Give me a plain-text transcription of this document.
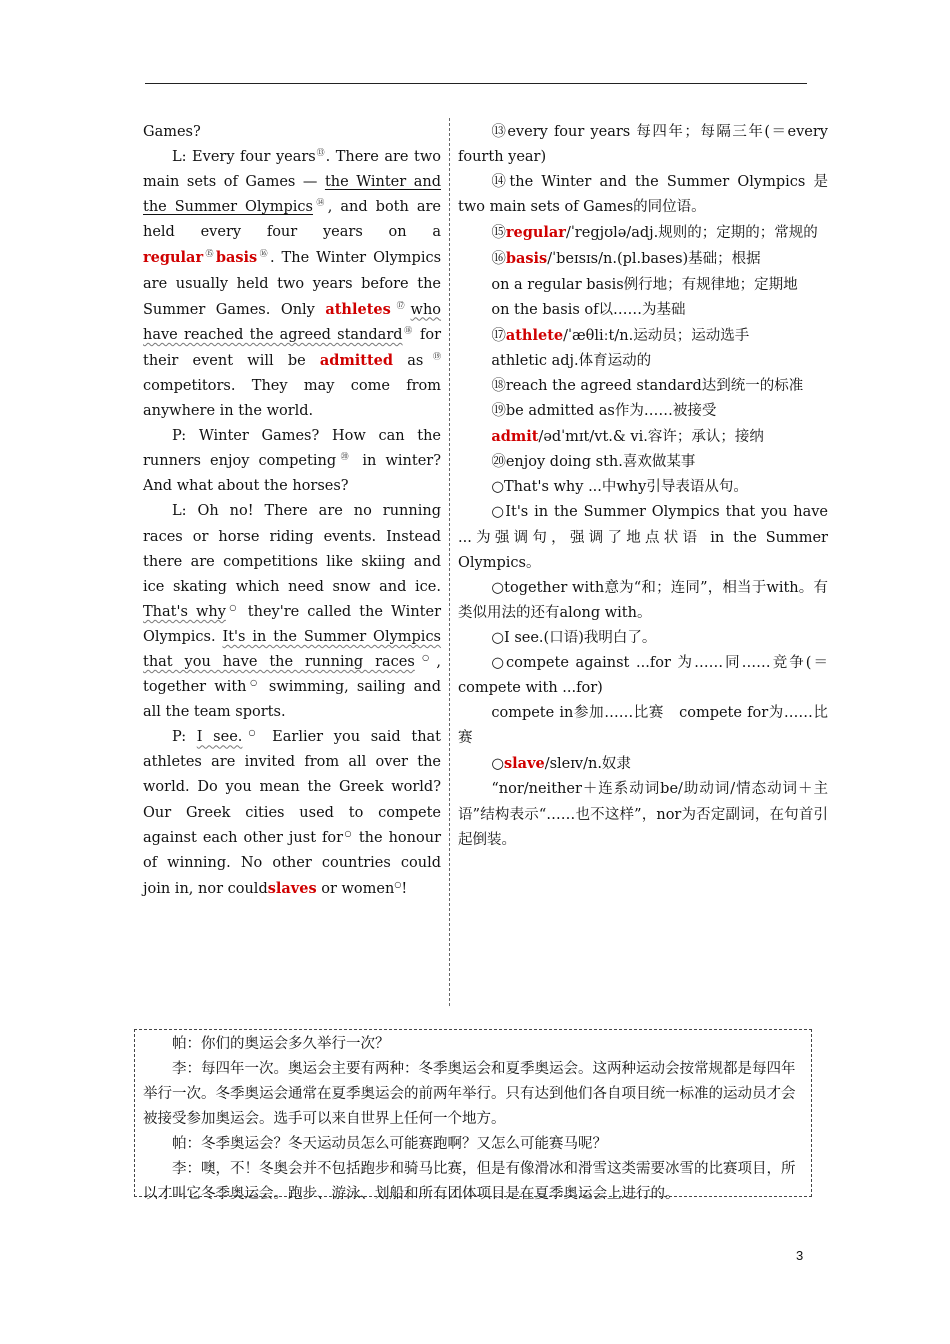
Games?

L: Every four years⑬. There are two main sets of Games — the Winter and the Summer Olympics⑭, and both are held every four years on a regular⑮basis⑯. The Winter Olympics are usually held two years before the Summer Games. Only athletes⑰who have reached the agreed standard⑱ for their event will be admitted as⑲ competitors. They may come from anywhere in the world.

P: Winter Games? How can the runners enjoy competing⑳ in winter? And what about the horses?

L: Oh no! There are no running races or horse riding events. Instead there are competitions like skiing and ice skating which need snow and ice. That's why○ they're called the Winter Olympics. It's in the Summer Olympics that you have the running races○, together with○ swimming, sailing and all the team sports.

P: I see.○ Earlier you said that athletes are invited from all over the world. Do you mean the Greek world? Our Greek cities used to compete against each other just for○ the honour of winning. No other countries could join in, nor couldslaves or women○!

⑬every four years 每四年；每隔三年(＝every fourth year)

⑭the Winter and the Summer Olympics 是two main sets of Games的同位语。

⑮regular/ˈregjʊlə/adj.规则的；定期的；常规的

⑯basis/ˈbeɪsɪs/n.(pl.bases)基础；根据

on a regular basis例行地；有规律地；定期地

on the basis of以……为基础

⑰athlete/ˈæθliːt/n.运动员；运动选手

athletic adj.体育运动的

⑱reach the agreed standard达到统一的标准

⑲be admitted as作为……被接受

admit/ədˈmɪt/vt.& vi.容许；承认；接纳

⑳enjoy doing sth.喜欢做某事

○That's why ...中why引导表语从句。

○It's in the Summer Olympics that you have ...为强调句，强调了地点状语 in the Summer Olympics。

○together with意为“和；连同”，相当于with。有类似用法的还有along with。

○I see.(口语)我明白了。

○compete against ...for 为……同……竞争(＝compete with ...for)

compete in参加……比赛　compete for为……比赛

○slave/sleɪv/n.奴隶

“nor/neither＋连系动词be/助动词/情态动词＋主语”结构表示“……也不这样”，nor为否定副词，在句首引起倒装。

帕：你们的奥运会多久举行一次？

李：每四年一次。奥运会主要有两种：冬季奥运会和夏季奥运会。这两种运动会按常规都是每四年举行一次。冬季奥运会通常在夏季奥运会的前两年举行。只有达到他们各自项目统一标准的运动员才会被接受参加奥运会。选手可以来自世界上任何一个地方。

帕：冬季奥运会？冬天运动员怎么可能赛跑啊？又怎么可能赛马呢？

李：噢，不！冬奥会并不包括跑步和骑马比赛，但是有像滑冰和滑雪这类需要冰雪的比赛项目，所以才叫它冬季奥运会。跑步、游泳、划船和所有团体项目是在夏季奥运会上进行的。

3
